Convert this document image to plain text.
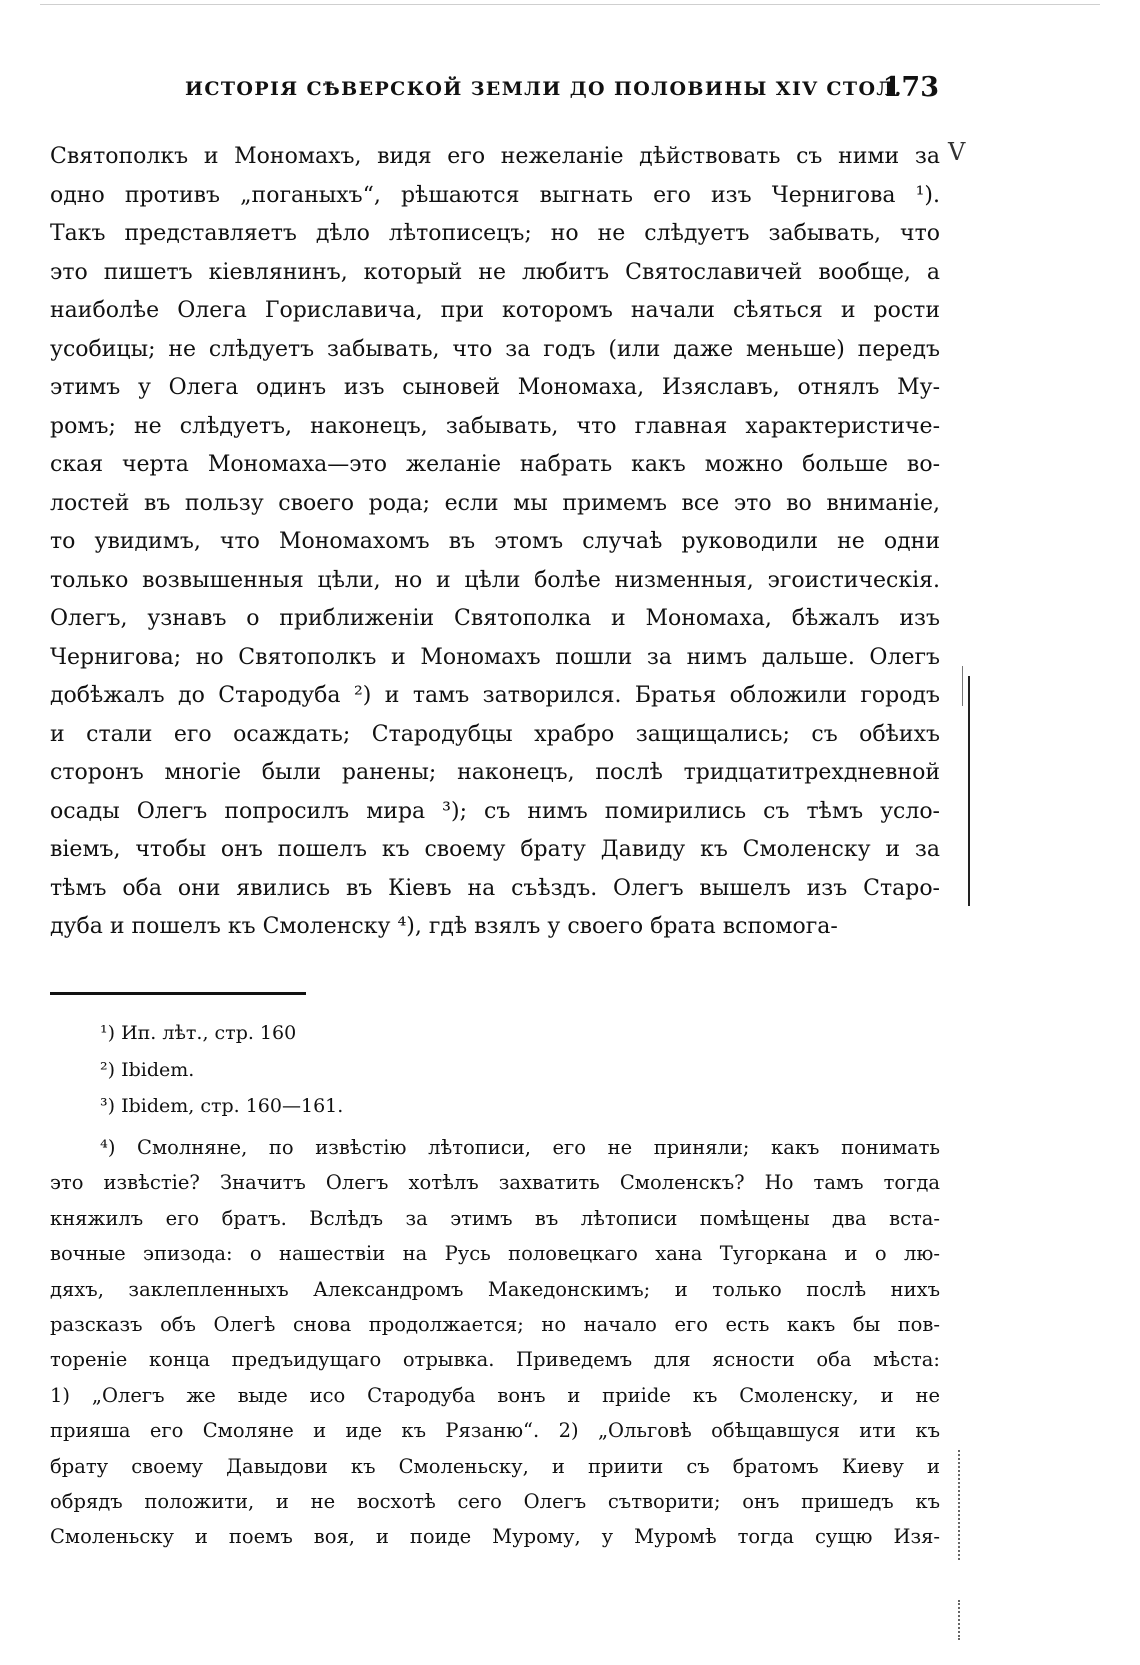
ИСТОРІЯ СѢВЕРСКОЙ ЗЕМЛИ ДО ПОЛОВИНЫ XIV СТОЛ.
173
V
Святополкъ и Мономахъ, видя его нежеланіе дѣйствовать съ ними за
одно противъ „поганыхъ“, рѣшаются выгнать его изъ Чернигова ¹).
Такъ представляетъ дѣло лѣтописецъ; но не слѣдуетъ забывать, что
это пишетъ кіевлянинъ, который не любитъ Святославичей вообще, а
наиболѣе Олега Гориславича, при которомъ начали сѣяться и рости
усобицы; не слѣдуетъ забывать, что за годъ (или даже меньше) передъ
этимъ у Олега одинъ изъ сыновей Мономаха, Изяславъ, отнялъ Му-
ромъ; не слѣдуетъ, наконецъ, забывать, что главная характеристиче-
ская черта Мономаха—это желаніе набрать какъ можно больше во-
лостей въ пользу своего рода; если мы примемъ все это во вниманіе,
то увидимъ, что Мономахомъ въ этомъ случаѣ руководили не одни
только возвышенныя цѣли, но и цѣли болѣе низменныя, эгоистическія.
Олегъ, узнавъ о приближеніи Святополка и Мономаха, бѣжалъ изъ
Чернигова; но Святополкъ и Мономахъ пошли за нимъ дальше. Олегъ
добѣжалъ до Стародуба ²) и тамъ затворился. Братья обложили городъ
и стали его осаждать; Стародубцы храбро защищались; съ обѣихъ
сторонъ многіе были ранены; наконецъ, послѣ тридцатитрехдневной
осады Олегъ попросилъ мира ³); съ нимъ помирились съ тѣмъ усло-
віемъ, чтобы онъ пошелъ къ своему брату Давиду къ Смоленску и за
тѣмъ оба они явились въ Кіевъ на съѣздъ. Олегъ вышелъ изъ Старо-
дуба и пошелъ къ Смоленску ⁴), гдѣ взялъ у своего брата вспомога-
¹) Ип. лѣт., стр. 160
²) Ibidem.
³) Ibidem, стр. 160—161.
⁴) Смолняне, по извѣстію лѣтописи, его не приняли; какъ понимать
это извѣстіе? Значитъ Олегъ хотѣлъ захватить Смоленскъ? Но тамъ тогда
княжилъ его братъ. Вслѣдъ за этимъ въ лѣтописи помѣщены два вста-
вочные эпизода: о нашествіи на Русь половецкаго хана Тугоркана и о лю-
дяхъ, заклепленныхъ Александромъ Македонскимъ; и только послѣ нихъ
разсказъ объ Олегѣ снова продолжается; но начало его есть какъ бы пов-
тореніе конца предъидущаго отрывка. Приведемъ для ясности оба мѣста:
1) „Олегъ же выде исо Стародуба вонъ и приide къ Смоленску, и не
прияша его Смоляне и иде къ Рязаню“. 2) „Ольговѣ обѣщавшуся ити къ
брату своему Давыдови къ Смоленьску, и приити съ братомъ Киеву и
обрядъ положити, и не восхотѣ сего Олегъ сътворити; онъ пришедъ къ
Смоленьску и поемъ воя, и поиде Мурому, у Муромѣ тогда сущю Изя-
